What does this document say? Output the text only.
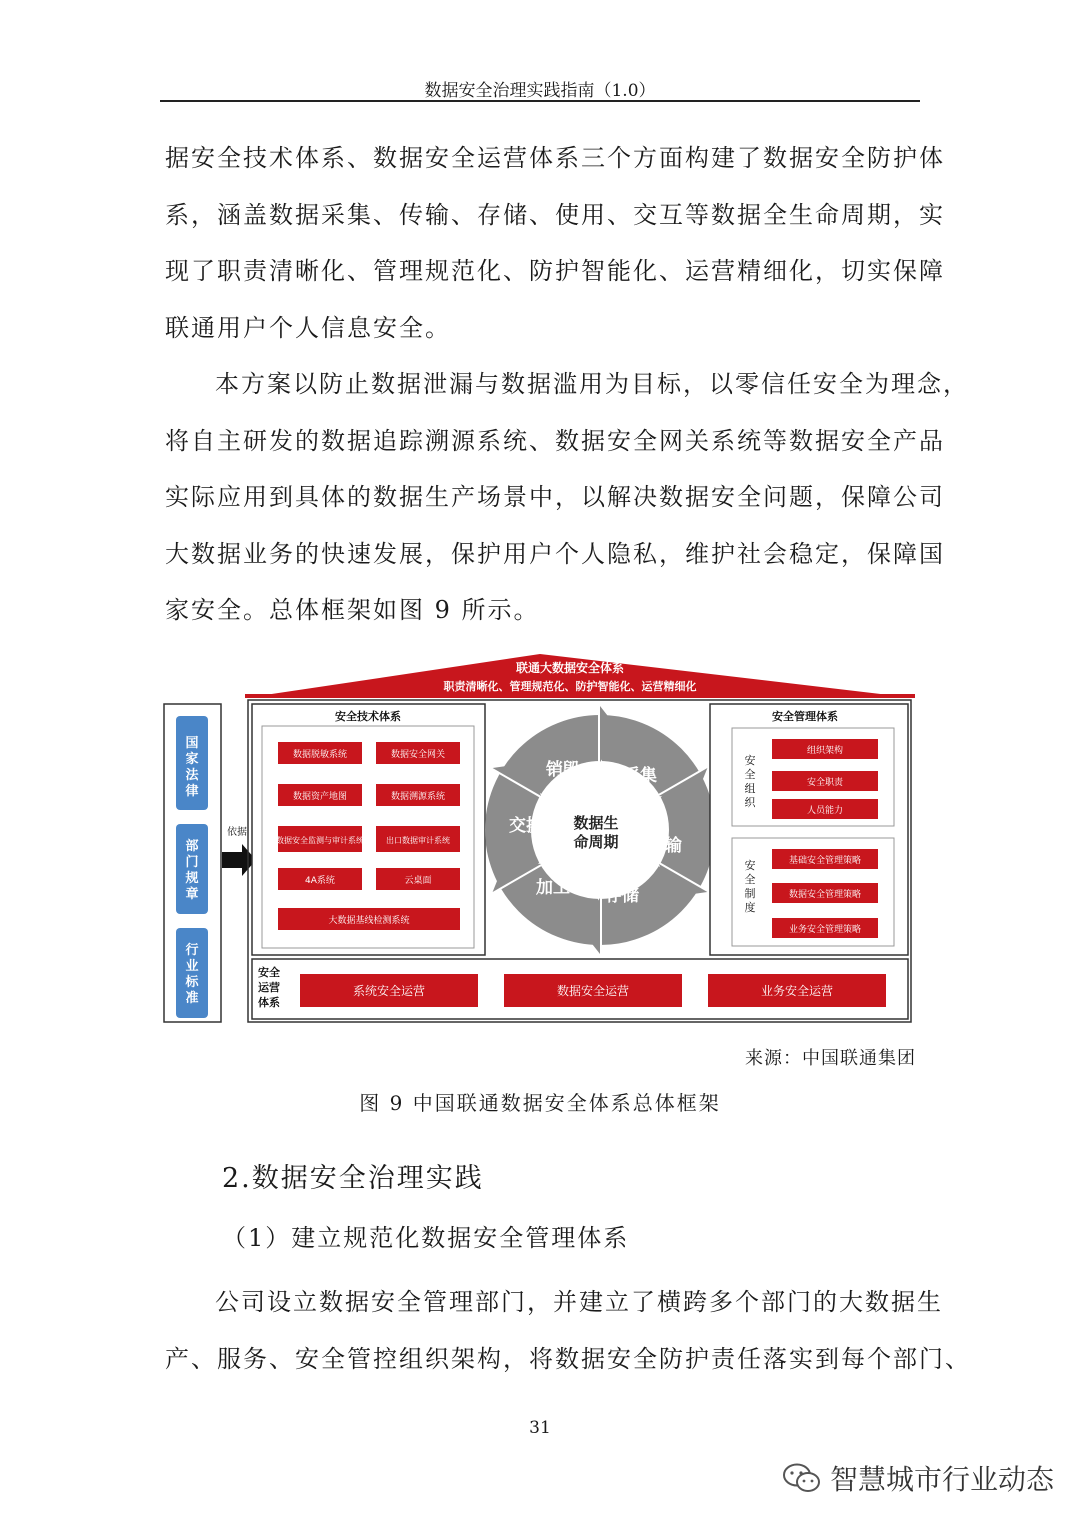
数据安全治理实践指南（1.0）
据安全技术体系、数据安全运营体系三个方面构建了数据安全防护体
系，涵盖数据采集、传输、存储、使用、交互等数据全生命周期，实
现了职责清晰化、管理规范化、防护智能化、运营精细化，切实保障
联通用户个人信息安全。
本方案以防止数据泄漏与数据滥用为目标，以零信任安全为理念，
将自主研发的数据追踪溯源系统、数据安全网关系统等数据安全产品
实际应用到具体的数据生产场景中，以解决数据安全问题，保障公司
大数据业务的快速发展，保护用户个人隐私，维护社会稳定，保障国
家安全。总体框架如图 9 所示。
联通大数据安全体系
职责清晰化、管理规范化、防护智能化、运营精细化
国家法律
部门规章
行业标准
依据
安全技术体系
数据脱敏系统	数据安全网关
数据资产地图	数据溯源系统
数据安全监测与审计系统	出口数据审计系统
4A系统	云桌面
大数据基线检测系统
数据生
命周期
采集
传输
存储
加工
交换
销毁
安全管理体系
安全组织
组织架构
安全职责
人员能力
安全制度
基础安全管理策略
数据安全管理策略
业务安全管理策略
安全运营体系
系统安全运营	数据安全运营	业务安全运营
来源：中国联通集团
图 9 中国联通数据安全体系总体框架
2.数据安全治理实践
（1）建立规范化数据安全管理体系
公司设立数据安全管理部门，并建立了横跨多个部门的大数据生
产、服务、安全管控组织架构，将数据安全防护责任落实到每个部门、
31
智慧城市行业动态
